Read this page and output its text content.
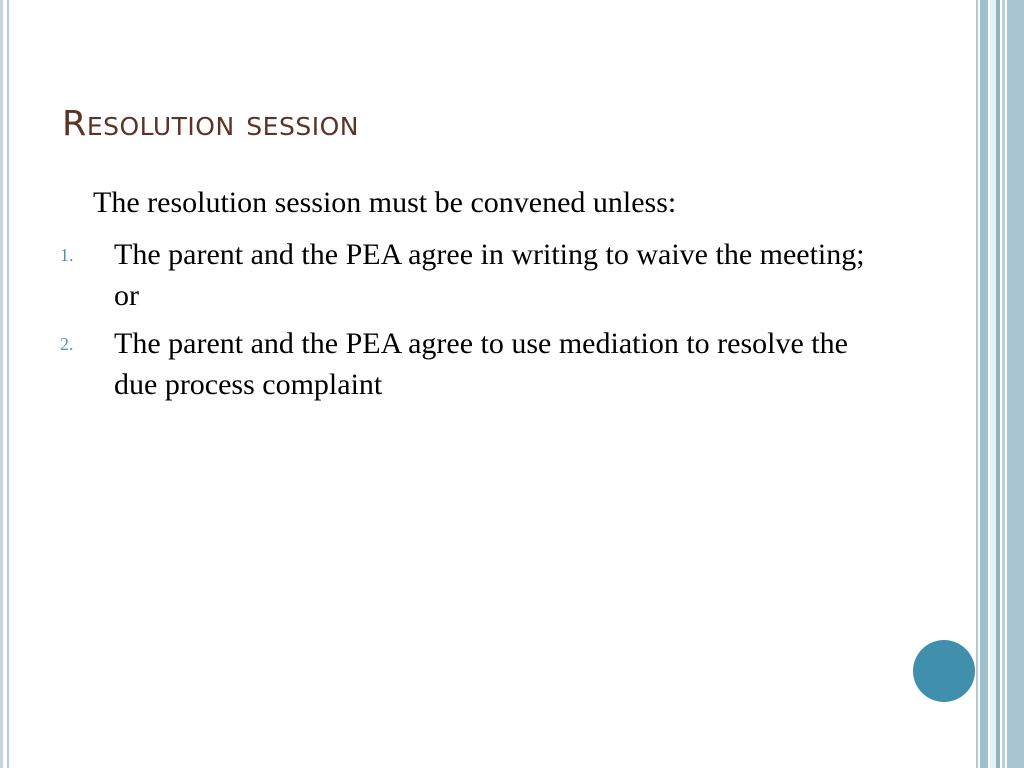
Resolution session

The resolution session must be convened unless:

1. The parent and the PEA agree in writing to waive the meeting; or
2. The parent and the PEA agree to use mediation to resolve the due process complaint
